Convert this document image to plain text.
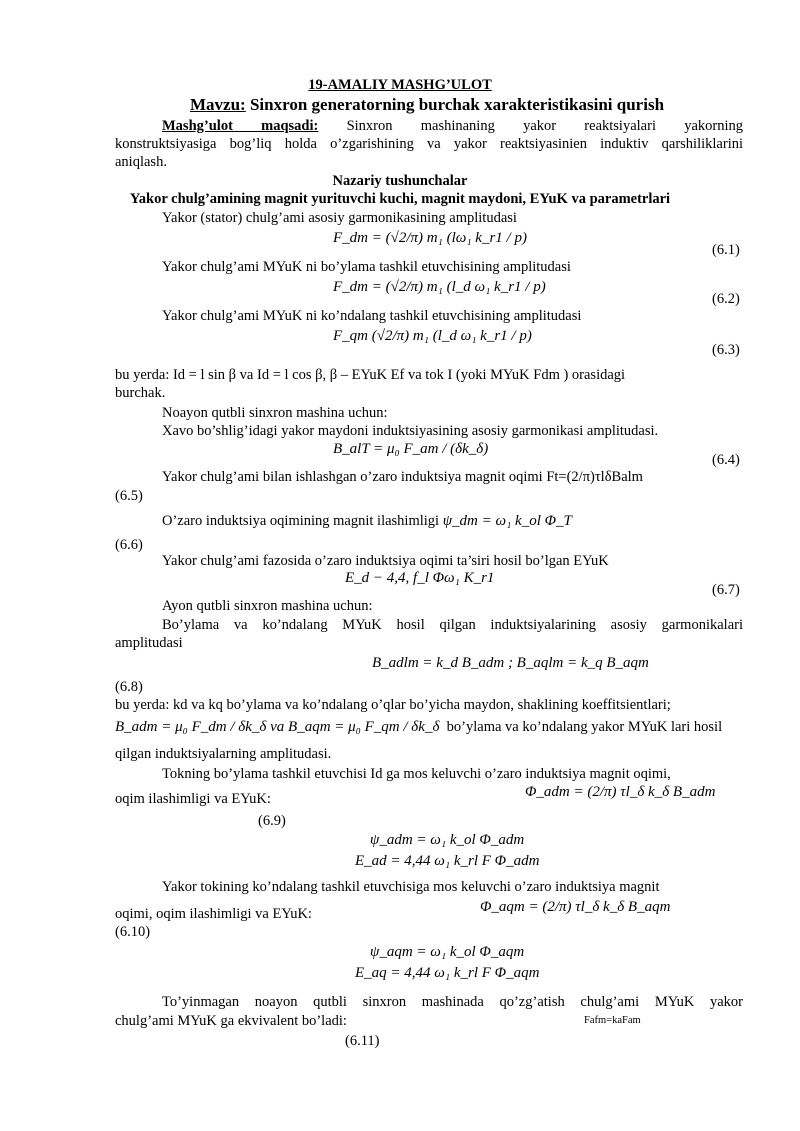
19-AMALIY MASHG’ULOT
Mavzu: Sinxron generatorning burchak xarakteristikasini qurish
Mashg’ulot maqsadi: Sinxron mashinaning yakor reaktsiyalari yakorning
konstruktsiyasiga bog’liq holda o’zgarishining va yakor reaktsiyasinien induktiv qarshiliklarini
aniqlash.
Nazariy tushunchalar
Yakor chulg’amining magnit yurituvchi kuchi, magnit maydoni, EYuK va parametrlari
Yakor (stator) chulg’ami asosiy garmonikasining amplitudasi
F_dm = (√2/π) m₁ (lω₁ k_r1 / p)
(6.1)
Yakor chulg’ami MYuK ni bo’ylama tashkil etuvchisining amplitudasi
F_dm = (√2/π) m₁ (l_d ω₁ k_r1 / p)
(6.2)
Yakor chulg’ami MYuK ni ko’ndalang tashkil etuvchisining amplitudasi
F_qm (√2/π) m₁ (l_d ω₁ k_r1 / p)
(6.3)
bu yerda: Id = l sin β va Id = l cos β, β – EYuK Ef va tok I (yoki MYuK Fdm ) orasidagi
burchak.
Noayon qutbli sinxron mashina uchun:
Xavo bo’shlig’idagi yakor maydoni induktsiyasining asosiy garmonikasi amplitudasi.
B_alT = μ₀ F_am / (δk_δ)
(6.4)
Yakor chulg’ami bilan ishlashgan o’zaro induktsiya magnit oqimi Ft=(2/π)τlδBalm
(6.5)
O’zaro induktsiya oqimining magnit ilashimligi ψ_dm = ω₁ k_ol Φ_T
(6.6)
Yakor chulg’ami fazosida o’zaro induktsiya oqimi ta’siri hosil bo’lgan EYuK
E_d − 4,4, f_l Φω₁ K_r1
(6.7)
Ayon qutbli sinxron mashina uchun:
Bo’ylama va ko’ndalang MYuK hosil qilgan induktsiyalarining asosiy garmonikalari
amplitudasi
B_adlm = k_d B_adm ; B_aqlm = k_q B_aqm
(6.8)
bu yerda: kd va kq bo’ylama va ko’ndalang o’qlar bo’yicha maydon, shaklining koeffitsientlari;
B_adm = μ₀ F_dm / δk_δ va B_aqm = μ₀ F_qm / δk_δ bo’ylama va ko’ndalang yakor MYuK lari hosil
qilgan induktsiyalarning amplitudasi.
Tokning bo’ylama tashkil etuvchisi Id ga mos keluvchi o’zaro induktsiya magnit oqimi,
oqim ilashimligi va EYuK:	Φ_adm = (2/π) τl_δ k_δ B_adm
(6.9)
ψ_adm = ω₁ k_ol Φ_adm
E_ad = 4,44 ω₁ k_rl F Φ_adm
Yakor tokining ko’ndalang tashkil etuvchisiga mos keluvchi o’zaro induktsiya magnit
oqimi, oqim ilashimligi va EYuK:	Φ_aqm = (2/π) τl_δ k_δ B_aqm
(6.10)
ψ_aqm = ω₁ k_ol Φ_aqm
E_aq = 4,44 ω₁ k_rl F Φ_aqm
To’yinmagan noayon qutbli sinxron mashinada qo’zg’atish chulg’ami MYuK yakor
chulg’ami MYuK ga ekvivalent bo’ladi:	Fafm=kaFam
(6.11)
